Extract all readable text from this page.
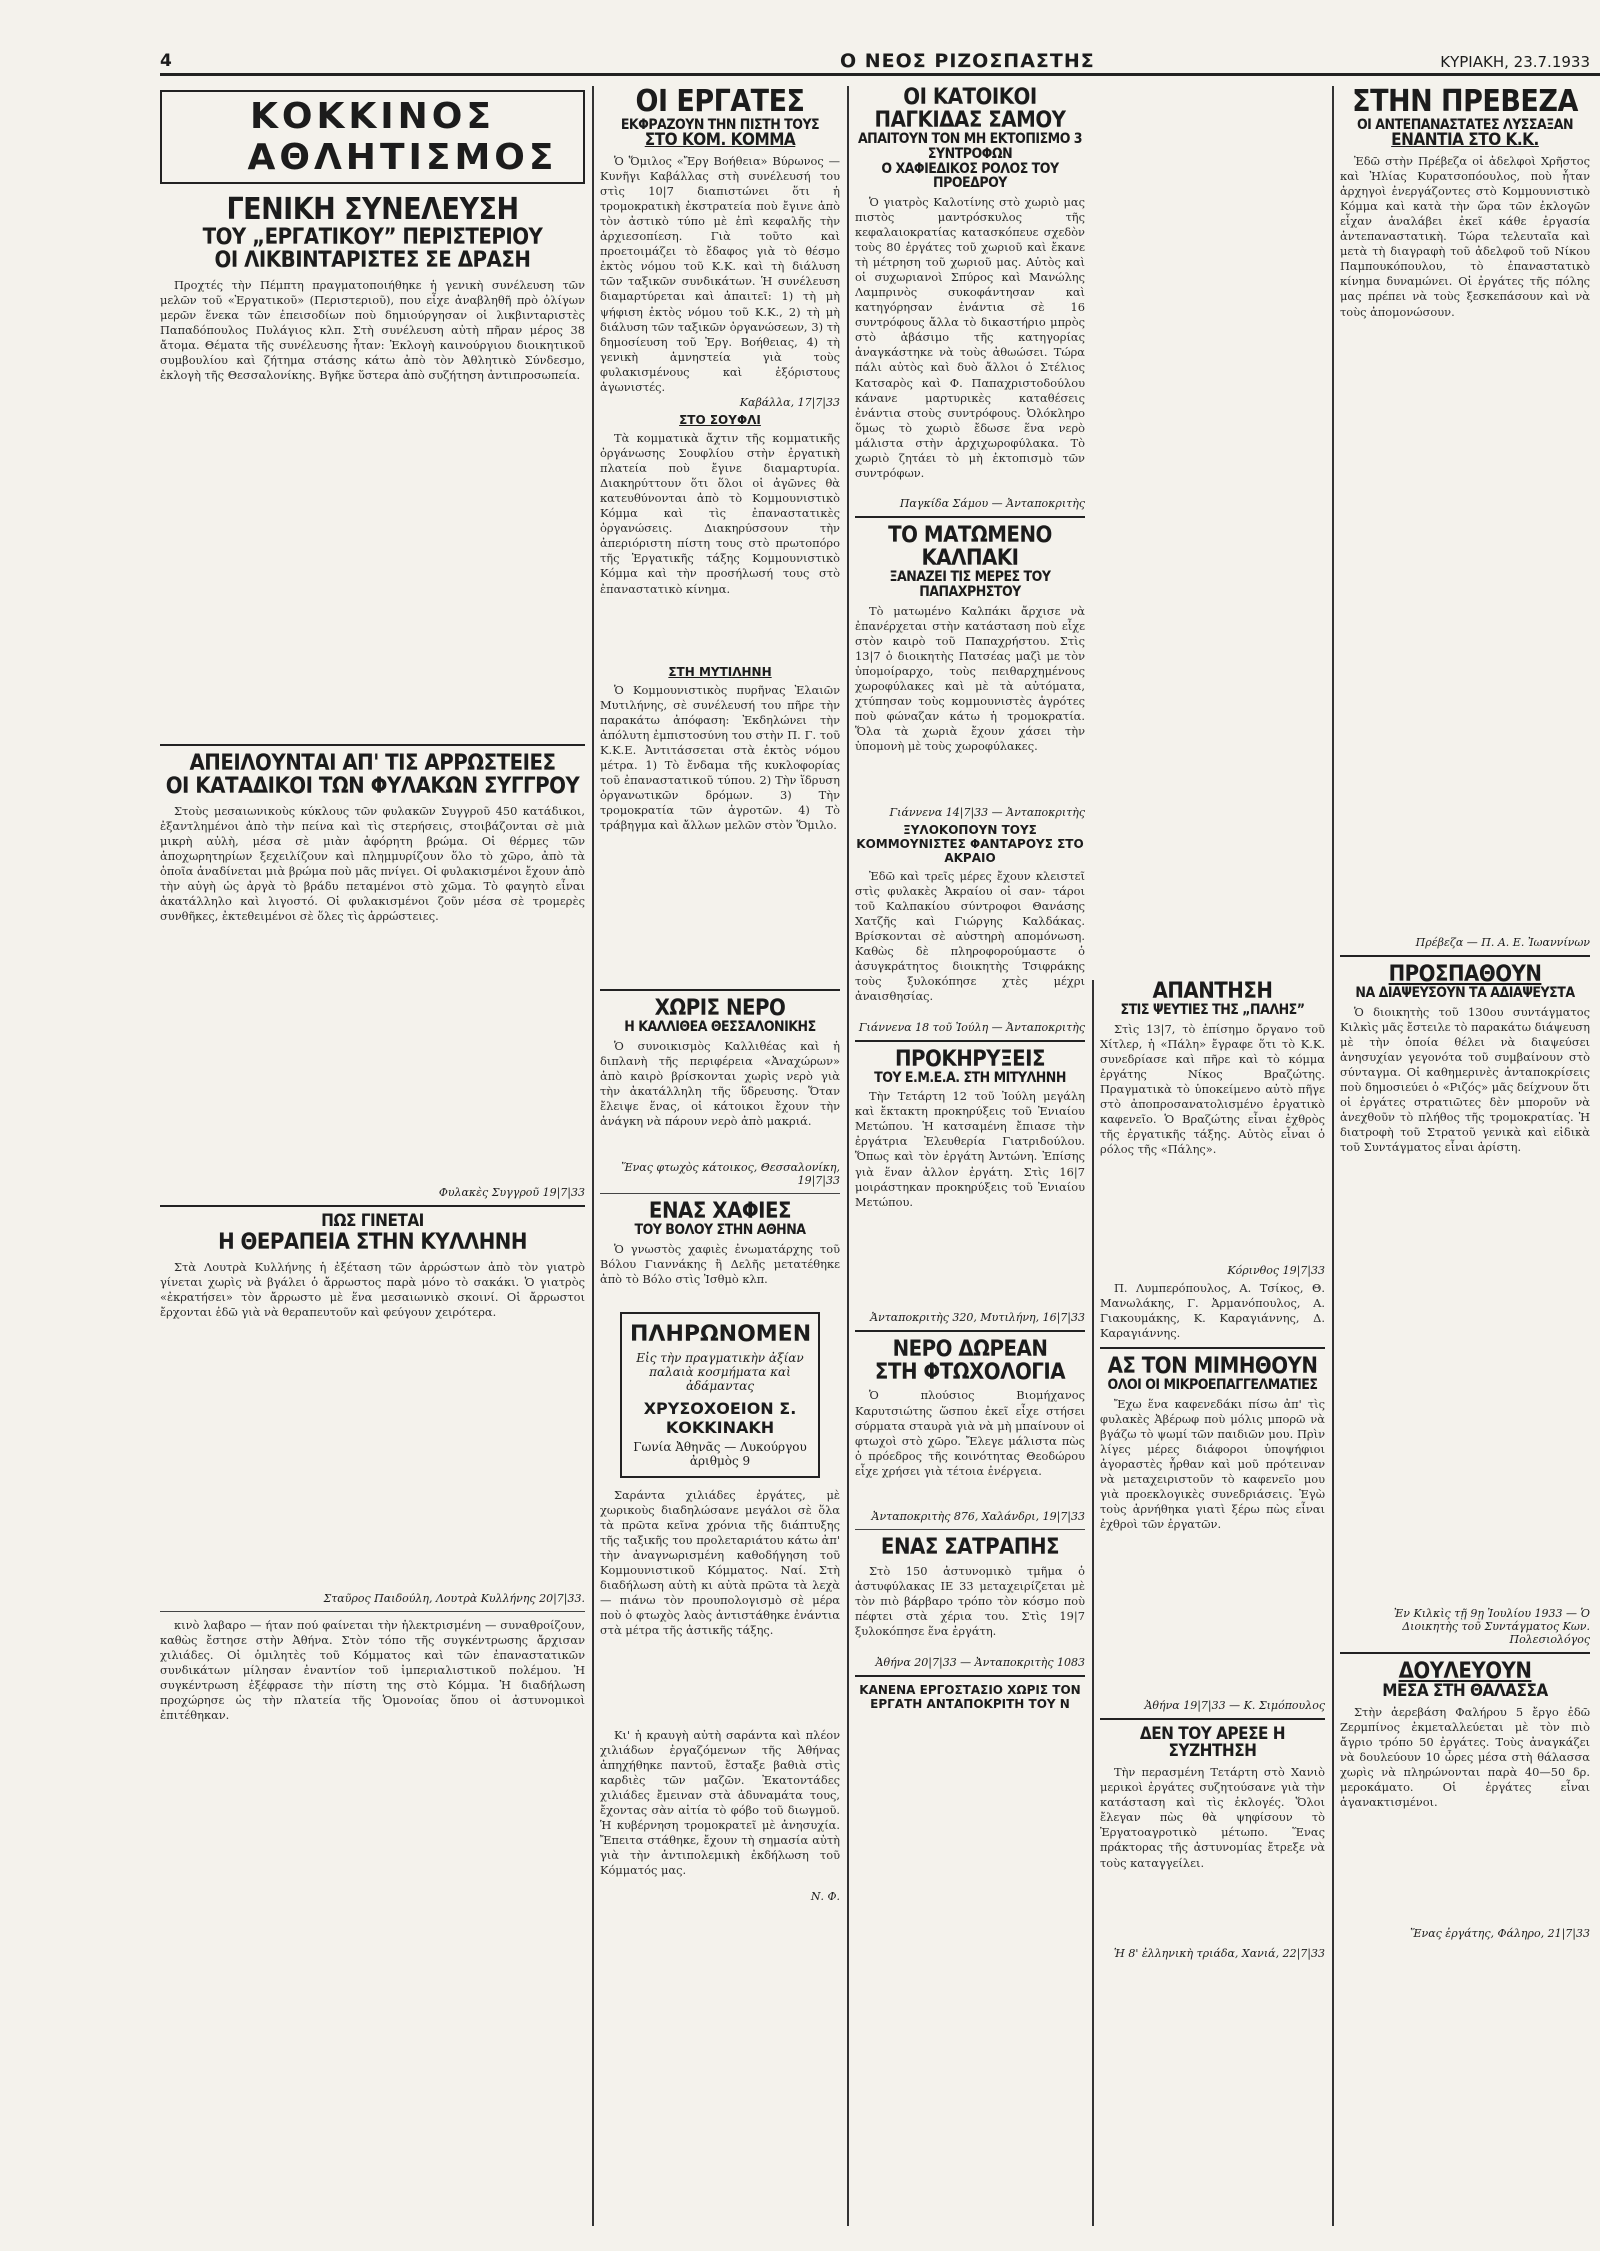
4	Ο ΝΕΟΣ ΡΙΖΟΣΠΑΣΤΗΣ	ΚΥΡΙΑΚΗ, 23.7.1933
ΚΟΚΚΙΝΟΣ
ΑΘΛΗΤΙΣΜΟΣ
ΓΕΝΙΚΗ ΣΥΝΕΛΕΥΣΗ
ΤΟΥ „ΕΡΓΑΤΙΚΟΥ” ΠΕΡΙΣΤΕΡΙΟΥ
ΟΙ ΛΙΚΒΙΝΤΑΡΙΣΤΕΣ ΣΕ ΔΡΑΣΗ

Προχτές τὴν Πέμπτη πραγματοποιήθηκε ἡ γενικὴ συνέλευση τῶν μελῶν τοῦ «Ἐργατικοῦ» (Περιστεριοῦ), που εἶχε ἀναβληθῆ πρὸ ὀλίγων μερῶν ἕνεκα τῶν ἐπεισοδίων ποὺ δημιούργησαν οἱ λικβινταριστὲς Παπαδόπουλος Πυλάγιος κλπ. Στὴ συνέλευση αὐτὴ πῆραν μέρος 38 ἄτομα. Θέματα τῆς συνέλευσης ἦταν: Ἐκλογὴ καινούργιου διοικητικοῦ συμβουλίου καὶ ζήτημα στάσης κάτω ἀπὸ τὸν Ἀθλητικὸ Σύνδεσμο, ἐκλογὴ τῆς Θεσσαλονίκης. Βγῆκε ὕστερα ἀπὸ συζήτηση ἀντιπροσωπεία.

ΑΠΕΙΛΟΥΝΤΑΙ ΑΠ' ΤΙΣ ΑΡΡΩΣΤΕΙΕΣ
ΟΙ ΚΑΤΑΔΙΚΟΙ ΤΩΝ ΦΥΛΑΚΩΝ ΣΥΓΓΡΟΥ

Στοὺς μεσαιωνικοὺς κύκλους τῶν φυλακῶν Συγγροῦ 450 κατάδικοι, ἐξαντλημένοι ἀπὸ τὴν πείνα καὶ τὶς στερήσεις, στοιβάζονται σὲ μιὰ μικρὴ αὐλὴ, μέσα σὲ μιὰν ἀφόρητη βρώμα. Οἱ θέρμες τῶν ἀποχωρητηρίων ξεχειλίζουν καὶ πλημμυρίζουν ὅλο τὸ χῶρο, ἀπὸ τὰ ὁποῖα ἀναδίνεται μιὰ βρώμα ποὺ μᾶς πνίγει. Οἱ φυλακισμένοι ἔχουν ἀπὸ τὴν αὐγὴ ὡς ἀργὰ τὸ βράδυ πεταμένοι στὸ χῶμα. Τὸ φαγητὸ εἶναι ἀκατάλληλο καὶ λιγοστό. Οἱ φυλακισμένοι ζοῦν μέσα σὲ τρομερὲς συνθῆκες, ἐκτεθειμένοι σὲ ὅλες τὶς ἀρρώστειες.

Φυλακὲς Συγγροῦ 19|7|33
ΠΩΣ ΓΙΝΕΤΑΙ
Η ΘΕΡΑΠΕΙΑ ΣΤΗΝ ΚΥΛΛΗΝΗ

Στὰ Λουτρὰ Κυλλήνης ἡ ἐξέταση τῶν ἀρρώστων ἀπὸ τὸν γιατρὸ γίνεται χωρὶς νὰ βγάλει ὁ ἄρρωστος παρὰ μόνο τὸ σακάκι. Ὁ γιατρὸς «ἐκρατήσει» τὸν ἄρρωστο μὲ ἕνα μεσαιωνικὸ σκοινί. Οἱ ἄρρωστοι ἔρχονται ἐδῶ γιὰ νὰ θεραπευτοῦν καὶ φεύγουν χειρότερα.

Σταῦρος Παιδούλη, Λουτρὰ Κυλλήνης 20|7|33.

κινὸ λαβαρο — ήταν πού φαίνεται τὴν ἠλεκτρισμένη — συναθροίζουν, καθὼς ἔστησε στὴν Ἀθήνα. Στὸν τόπο τῆς συγκέντρωσης ἄρχισαν χιλιάδες. Οἱ ὁμιλητὲς τοῦ Κόμματος καὶ τῶν ἐπαναστατικῶν συνδικάτων μίλησαν ἐναντίον τοῦ ἰμπεριαλιστικοῦ πολέμου. Ἡ συγκέντρωση ἐξέφρασε τὴν πίστη της στὸ Κόμμα. Ἡ διαδήλωση προχώρησε ὡς τὴν πλατεία τῆς Ὁμονοίας ὅπου οἱ ἀστυνομικοὶ ἐπιτέθηκαν.

ΟΙ ΕΡΓΑΤΕΣ
ΕΚΦΡΑΖΟΥΝ ΤΗΝ ΠΙΣΤΗ ΤΟΥΣ
ΣΤΟ ΚΟΜ. ΚΟΜΜΑ

Ὁ Ὅμιλος «Ἔργ Βοήθεια» Βύρωνος — Κυνῆγι Καβάλλας στὴ συνέλευσή του στὶς 10|7 διαπιστώνει ὅτι ἡ τρομοκρατικὴ ἐκστρατεία ποὺ ἔγινε ἀπὸ τὸν ἀστικὸ τύπο μὲ ἐπὶ κεφαλῆς τὴν ἀρχιεσοπίεση. Γιὰ τοῦτο καὶ προετοιμάζει τὸ ἔδαφος γιὰ τὸ θέσμο ἐκτὸς νόμου τοῦ Κ.Κ. καὶ τὴ διάλυση τῶν ταξικῶν συνδικάτων. Ἡ συνέλευση διαμαρτύρεται καὶ ἀπαιτεῖ: 1) τὴ μὴ ψήφιση ἐκτὸς νόμου τοῦ Κ.Κ., 2) τὴ μὴ διάλυση τῶν ταξικῶν ὀργανώσεων, 3) τὴ δημοσίευση τοῦ Ἐργ. Βοήθειας, 4) τὴ γενικὴ ἀμνηστεία γιὰ τοὺς φυλακισμένους καὶ ἐξόριστους ἀγωνιστές.

Καβάλλα, 17|7|33
ΣΤΟ ΣΟΥΦΛΙ

Τὰ κομματικὰ ἄχτιν τῆς κομματικῆς ὀργάνωσης Σουφλίου στὴν ἐργατικὴ πλατεία ποὺ ἔγινε διαμαρτυρία. Διακηρύττουν ὅτι ὅλοι οἱ ἀγῶνες θὰ κατευθύνονται ἀπὸ τὸ Κομμουνιστικὸ Κόμμα καὶ τὶς ἐπαναστατικὲς ὀργανώσεις. Διακηρύσσουν τὴν ἀπεριόριστη πίστη τους στὸ πρωτοπόρο τῆς Ἑργατικῆς τάξης Κομμουνιστικὸ Κόμμα καὶ τὴν προσήλωσή τους στὸ ἐπαναστατικὸ κίνημα.

ΣΤΗ ΜΥΤΙΛΗΝΗ

Ὁ Κομμουνιστικὸς πυρῆνας Ἐλαιῶν Μυτιλήνης, σὲ συνέλευσή του πῆρε τὴν παρακάτω ἀπόφαση: Ἐκδηλώνει τὴν ἀπόλυτη ἐμπιστοσύνη του στὴν Π. Γ. τοῦ Κ.Κ.Ε. Ἀντιτάσσεται στὰ ἐκτὸς νόμου μέτρα. 1) Τὸ ἔνδαμα τῆς κυκλοφορίας τοῦ ἐπαναστατικοῦ τύπου. 2) Τὴν ἵδρυση ὀργανωτικῶν δρόμων. 3) Τὴν τρομοκρατία τῶν ἀγροτῶν. 4) Τὸ τράβηγμα καὶ ἄλλων μελῶν στὸν Ὅμιλο.

ΧΩΡΙΣ ΝΕΡΟ
Η ΚΑΛΛΙΘΕΑ ΘΕΣΣΑΛΟΝΙΚΗΣ

Ὁ συνοικισμὸς Καλλιθέας καὶ ἡ διπλανὴ τῆς περιφέρεια «Ἀναχώρων» ἀπὸ καιρὸ βρίσκονται χωρὶς νερὸ γιὰ τὴν ἀκατάλληλη τῆς ὕδρευσης. Ὅταν ἔλειψε ἕνας, οἱ κάτοικοι ἔχουν τὴν ἀνάγκη νὰ πάρουν νερὸ ἀπὸ μακριά.

Ἕνας φτωχὸς κάτοικος, Θεσσαλονίκη, 19|7|33
ΕΝΑΣ ΧΑΦΙΕΣ
ΤΟΥ ΒΟΛΟΥ ΣΤΗΝ ΑΘΗΝΑ

Ὁ γνωστὸς χαφιὲς ἐνωματάρχης τοῦ Βόλου Γιαννάκης ἢ Δελῆς μετατέθηκε ἀπὸ τὸ Βόλο στὶς Ἰσθμὸ κλπ.

ΠΛΗΡΩΝΟΜΕΝ
Εἰς τὴν πραγματικὴν ἀξίαν παλαιὰ κοσμήματα καὶ ἀδάμαντας
ΧΡΥΣΟΧΟΕΙΟΝ Σ. ΚΟΚΚΙΝΑΚΗ
Γωνία Ἀθηνᾶς — Λυκούργου ἀριθμὸς 9

Σαράντα χιλιάδες ἐργάτες, μὲ χωρικοὺς διαδηλώσανε μεγάλοι σὲ ὅλα τὰ πρῶτα κεῖνα χρόνια τῆς διάπτυξης τῆς ταξικῆς του προλεταριάτου κάτω ἀπ' τὴν ἀναγνωρισμένη καθοδήγηση τοῦ Κομμουνιστικοῦ Κόμματος. Ναί. Στὴ διαδήλωση αὐτὴ κι αὐτὰ πρῶτα τὰ λεχὰ — πιάνω τὸν προυπολογισμὸ σὲ μέρα ποὺ ὁ φτωχὸς λαὸς ἀντιστάθηκε ἐνάντια στὰ μέτρα τῆς ἀστικῆς τάξης.

Κι' ἡ κραυγὴ αὐτὴ σαράντα καὶ πλέον χιλιάδων ἐργαζόμενων τῆς Ἀθήνας ἀπηχήθηκε παντοῦ, ἔσταξε βαθιὰ στὶς καρδιὲς τῶν μαζῶν. Ἐκατοντάδες χιλιάδες ἔμειναν στὰ ἀδυναμάτα τους, ἔχοντας σὰν αἰτία τὸ φόβο τοῦ διωγμοῦ. Ἡ κυβέρνηση τρομοκρατεῖ μὲ ἀνησυχία. Ἔπειτα στάθηκε, ἔχουν τὴ σημασία αὐτὴ γιὰ τὴν ἀντιπολεμικὴ ἐκδήλωση τοῦ Κόμματός μας.

Ν. Φ.
ΟΙ ΚΑΤΟΙΚΟΙ ΠΑΓΚΙΔΑΣ ΣΑΜΟΥ
ΑΠΑΙΤΟΥΝ ΤΟΝ ΜΗ ΕΚΤΟΠΙΣΜΟ 3 ΣΥΝΤΡΟΦΩΝ
Ο ΧΑΦΙΕΔΙΚΟΣ ΡΟΛΟΣ ΤΟΥ ΠΡΟΕΔΡΟΥ

Ὁ γιατρὸς Καλοτίνης στὸ χωριὸ μας πιστὸς μαντρόσκυλος τῆς κεφαλαιοκρατίας κατασκόπευε σχεδὸν τοὺς 80 ἐργάτες τοῦ χωριοῦ καὶ ἔκανε τὴ μέτρηση τοῦ χωριοῦ μας. Αὐτὸς καὶ οἱ συχωριανοὶ Σπύρος καὶ Μανώλης Λαμπρινὸς συκοφάντησαν καὶ κατηγόρησαν ἐνάντια σὲ 16 συντρόφους ἄλλα τὸ δικαστήριο μπρὸς στὸ ἀβάσιμο τῆς κατηγορίας ἀναγκάστηκε νὰ τοὺς ἀθωώσει. Τώρα πάλι αὐτὸς καὶ δυὸ ἄλλοι ὁ Στέλιος Κατσαρὸς καὶ Φ. Παπαχριστοδούλου κάνανε μαρτυρικὲς καταθέσεις ἐνάντια στοὺς συντρόφους. Ὀλόκληρο ὅμως τὸ χωριὸ ἔδωσε ἕνα νερὸ μάλιστα στὴν ἀρχιχωροφύλακα. Τὸ χωριὸ ζητάει τὸ μὴ ἐκτοπισμὸ τῶν συντρόφων.

Παγκίδα Σάμου — Ἀνταποκριτὴς
ΤΟ ΜΑΤΩΜΕΝΟ ΚΑΛΠΑΚΙ
ΞΑΝΑΖΕΙ ΤΙΣ ΜΕΡΕΣ ΤΟΥ ΠΑΠΑΧΡΗΣΤΟΥ

Τὸ ματωμένο Καλπάκι ἄρχισε νὰ ἐπανέρχεται στὴν κατάσταση ποὺ εἶχε στὸν καιρὸ τοῦ Παπαχρήστου. Στὶς 13|7 ὁ διοικητὴς Πατσέας μαζὶ με τὸν ὑπομοίραρχο, τοὺς πειθαρχημένους χωροφύλακες καὶ μὲ τὰ αὐτόματα, χτύπησαν τοὺς κομμουνιστὲς ἀγρότες ποὺ φώναζαν κάτω ἡ τρομοκρατία. Ὅλα τὰ χωριὰ ἔχουν χάσει τὴν ὑπομονὴ μὲ τοὺς χωροφύλακες.

Γιάννενα 14|7|33 — Ἀνταποκριτὴς
ΞΥΛΟΚΟΠΟΥΝ ΤΟΥΣ ΚΟΜΜΟΥΝΙΣΤΕΣ ΦΑΝΤΑΡΟΥΣ ΣΤΟ ΑΚΡΑΙΟ

Ἐδῶ καὶ τρεῖς μέρες ἔχουν κλειστεῖ στὶς φυλακὲς Ἀκραίου οἱ σαν- τάροι τοῦ Καλπακίου σύντροφοι Θανάσης Χατζῆς καὶ Γιώργης Καλδάκας. Βρίσκονται σὲ αὐστηρὴ απομόνωση. Καθὼς δὲ πληροφορούμαστε ὁ ἀσυγκράτητος διοικητὴς Τσιφράκης τοὺς ξυλοκόπησε χτὲς μέχρι ἀναισθησίας.

Γιάννενα 18 τοῦ Ἰούλη — Ἀνταποκριτὴς
ΠΡΟΚΗΡΥΞΕΙΣ
ΤΟΥ Ε.Μ.Ε.Α. ΣΤΗ ΜΙΤΥΛΗΝΗ

Τὴν Τετάρτη 12 τοῦ Ἰούλη μεγάλη καὶ ἔκτακτη προκηρύξεις τοῦ Ἐνιαίου Μετώπου. Ἡ κατσαμένη ἔπιασε τὴν ἐργάτρια Ἐλευθερία Γιατριδούλου. Ὅπως καὶ τὸν ἐργάτη Ἀντώνη. Ἐπίσης γιὰ ἕναν ἀλλον ἐργάτη. Στὶς 16|7 μοιράστηκαν προκηρύξεις τοῦ Ἐνιαίου Μετώπου.

Ἀνταποκριτὴς 320, Μυτιλήνη, 16|7|33
ΝΕΡΟ ΔΩΡΕΑΝ
ΣΤΗ ΦΤΩΧΟΛΟΓΙΑ

Ὁ πλούσιος Βιομήχανος Καρυτσιώτης ὥσπου ἐκεῖ εἶχε στήσει σύρματα σταυρὰ γιὰ νὰ μὴ μπαίνουν οἱ φτωχοὶ στὸ χῶρο. Ἔλεγε μάλιστα πὼς ὁ πρόεδρος τῆς κοινότητας Θεοδώρου εἶχε χρήσει γιὰ τέτοια ἐνέργεια.

Ἀνταποκριτὴς 876, Χαλάνδρι, 19|7|33
ΕΝΑΣ ΣΑΤΡΑΠΗΣ

Στὸ 150 ἀστυνομικὸ τμῆμα ὁ ἀστυφύλακας ΙΕ 33 μεταχειρίζεται μὲ τὸν πιὸ βάρβαρο τρόπο τὸν κόσμο ποὺ πέφτει στὰ χέρια του. Στὶς 19|7 ξυλοκόπησε ἕνα ἐργάτη.

Ἀθήνα 20|7|33 — Ἀνταποκριτὴς 1083
ΚΑΝΕΝΑ ΕΡΓΟΣΤΑΣΙΟ ΧΩΡΙΣ ΤΟΝ ΕΡΓΑΤΗ ΑΝΤΑΠΟΚΡΙΤΗ ΤΟΥ Ν
ΑΠΑΝΤΗΣΗ
ΣΤΙΣ ΨΕΥΤΙΕΣ ΤΗΣ „ΠΑΛΗΣ”

Στὶς 13|7, τὸ ἐπίσημο ὄργανο τοῦ Χίτλερ, ἡ «Πάλη» ἔγραφε ὅτι τὸ Κ.Κ. συνεδρίασε καὶ πῆρε καὶ τὸ κόμμα ἐργάτης Νίκος Βραζώτης. Πραγματικὰ τὸ ὑποκείμενο αὐτὸ πῆγε στὸ ἀποπροσανατολισμένο ἐργατικὸ καφενεῖο. Ὁ Βραζώτης εἶναι ἐχθρὸς τῆς ἐργατικῆς τάξης. Αὐτὸς εἶναι ὁ ρόλος τῆς «Πάλης».

Κόρινθος 19|7|33

Π. Λυμπερόπουλος, Α. Τσίκος, Θ. Μανωλάκης, Γ. Ἀρμανόπουλος, Α. Γιακουμάκης, Κ. Καραγιάννης, Δ. Καραγιάννης.

ΑΣ ΤΟΝ ΜΙΜΗΘΟΥΝ
ΟΛΟΙ ΟΙ ΜΙΚΡΟΕΠΑΓΓΕΛΜΑΤΙΕΣ

Ἔχω ἕνα καφενεδάκι πίσω ἀπ' τὶς φυλακὲς Ἀβέρωφ ποὺ μόλις μπορῶ νὰ βγάζω τὸ ψωμί τῶν παιδιῶν μου. Πρὶν λίγες μέρες διάφοροι ὑποψήφιοι ἀγοραστὲς ἦρθαν καὶ μοῦ πρότειναν νὰ μεταχειριστοῦν τὸ καφενεῖο μου γιὰ προεκλογικὲς συνεδριάσεις. Ἐγὼ τοὺς ἀρνήθηκα γιατὶ ξέρω πὼς εἶναι ἐχθροὶ τῶν ἐργατῶν.

Ἀθήνα 19|7|33 — Κ. Σιμόπουλος
ΔΕΝ ΤΟΥ ΑΡΕΣΕ Η ΣΥΖΗΤΗΣΗ

Τὴν περασμένη Τετάρτη στὸ Χανιὸ μερικοὶ ἐργάτες συζητούσανε γιὰ τὴν κατάσταση καὶ τὶς ἐκλογές. Ὅλοι ἔλεγαν πὼς θὰ ψηφίσουν τὸ Ἐργατοαγροτικὸ μέτωπο. Ἕνας πράκτορας τῆς ἀστυνομίας ἔτρεξε νὰ τοὺς καταγγείλει.

Ἡ 8' ἐλληνικὴ τριάδα, Χανιά, 22|7|33
ΣΤΗΝ ΠΡΕΒΕΖΑ
ΟΙ ΑΝΤΕΠΑΝΑΣΤΑΤΕΣ ΛΥΣΣΑΞΑΝ
ΕΝΑΝΤΙΑ ΣΤΟ Κ.Κ.

Ἐδῶ στὴν Πρέβεζα οἱ ἀδελφοὶ Χρῆστος καὶ Ἠλίας Κυρατσοπόουλος, ποὺ ἦταν ἀρχηγοὶ ἐνεργάζοντες στὸ Κομμουνιστικὸ Κόμμα καὶ κατὰ τὴν ὥρα τῶν ἐκλογῶν εἶχαν ἀναλάβει ἐκεῖ κάθε ἐργασία ἀντεπαναστατικὴ. Τώρα τελευταῖα καὶ μετὰ τὴ διαγραφὴ τοῦ ἀδελφοῦ τοῦ Νίκου Παμπουκόπουλου, τὸ ἐπαναστατικὸ κίνημα δυναμώνει. Οἱ ἐργάτες τῆς πόλης μας πρέπει νὰ τοὺς ξεσκεπάσουν καὶ νὰ τοὺς ἀπομονώσουν.

Πρέβεζα — Π. Α. Ε. Ἰωαννίνων
ΠΡΟΣΠΑΘΟΥΝ
ΝΑ ΔΙΑΨΕΥΣΟΥΝ ΤΑ ΑΔΙΑΨΕΥΣΤΑ

Ὁ διοικητὴς τοῦ 130ου συντάγματος Κιλκὶς μᾶς ἔστειλε τὸ παρακάτω διάψευση μὲ τὴν ὁποία θέλει νὰ διαψεύσει ἀνησυχίαν γεγονότα τοῦ συμβαίνουν στὸ σύνταγμα. Οἱ καθημερινὲς ἀνταποκρίσεις ποὺ δημοσιεύει ὁ «Ριζός» μᾶς δείχνουν ὅτι οἱ ἐργάτες στρατιῶτες δὲν μποροῦν νὰ ἀνεχθοῦν τὸ πλήθος τῆς τρομοκρατίας. Ἡ διατροφὴ τοῦ Στρατοῦ γενικὰ καὶ εἰδικὰ τοῦ Συντάγματος εἶναι ἀρίστη.

Ἐν Κιλκὶς τῇ 9ῃ Ἰουλίου 1933 — Ὁ Διοικητὴς τοῦ Συντάγματος Κων. Πολεσιολόγος
ΔΟΥΛΕΥΟΥΝ
ΜΕΣΑ ΣΤΗ ΘΑΛΑΣΣΑ

Στὴν ἀερεβάση Φαλήρου 5 ἔργο ἐδῶ Ζερμπίνος ἐκμεταλλεύεται μὲ τὸν πιὸ ἄγριο τρόπο 50 ἐργάτες. Τοὺς ἀναγκάζει νὰ δουλεύουν 10 ὧρες μέσα στὴ θάλασσα χωρὶς νὰ πληρώνονται παρὰ 40—50 δρ. μεροκάματο. Οἱ ἐργάτες εἶναι ἀγανακτισμένοι.

Ἕνας ἐργάτης, Φάληρο, 21|7|33
